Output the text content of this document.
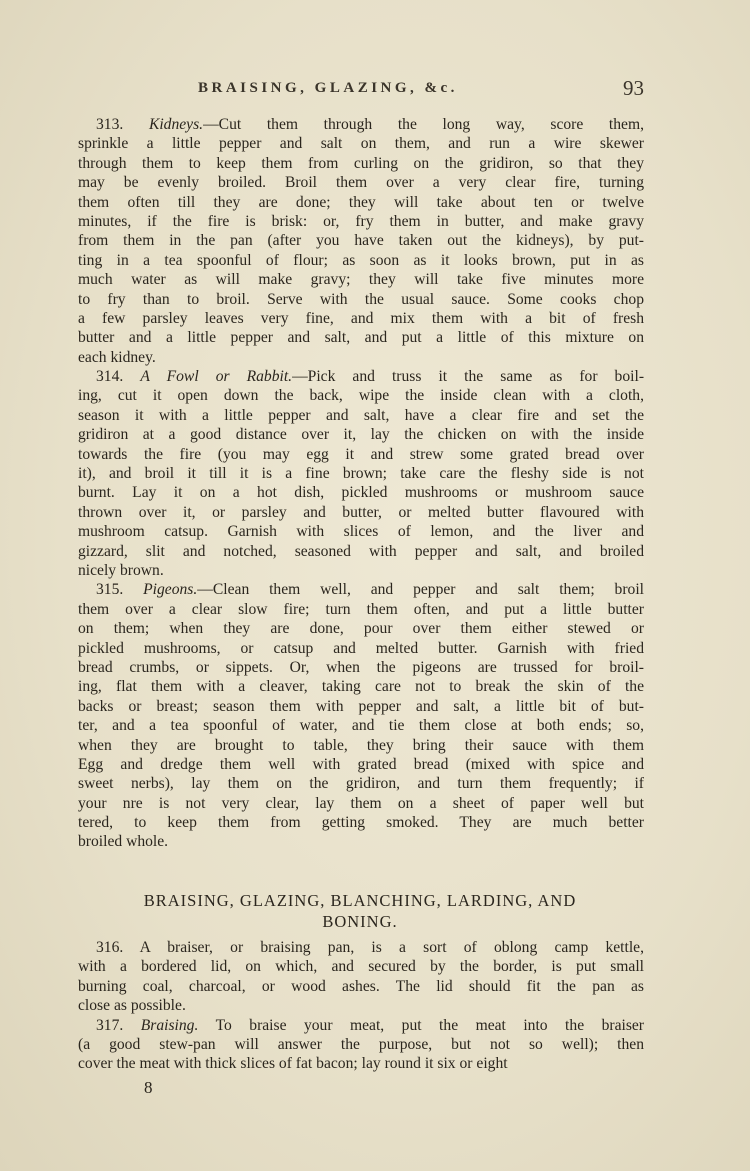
BRAISING, GLAZING, &c.	93
313. Kidneys.—Cut them through the long way, score them,
sprinkle a little pepper and salt on them, and run a wire skewer
through them to keep them from curling on the gridiron, so that they
may be evenly broiled. Broil them over a very clear fire, turning
them often till they are done; they will take about ten or twelve
minutes, if the fire is brisk: or, fry them in butter, and make gravy
from them in the pan (after you have taken out the kidneys), by put-
ting in a tea spoonful of flour; as soon as it looks brown, put in as
much water as will make gravy; they will take five minutes more
to fry than to broil. Serve with the usual sauce. Some cooks chop
a few parsley leaves very fine, and mix them with a bit of fresh
butter and a little pepper and salt, and put a little of this mixture on
each kidney.
314. A Fowl or Rabbit.—Pick and truss it the same as for boil-
ing, cut it open down the back, wipe the inside clean with a cloth,
season it with a little pepper and salt, have a clear fire and set the
gridiron at a good distance over it, lay the chicken on with the inside
towards the fire (you may egg it and strew some grated bread over
it), and broil it till it is a fine brown; take care the fleshy side is not
burnt. Lay it on a hot dish, pickled mushrooms or mushroom sauce
thrown over it, or parsley and butter, or melted butter flavoured with
mushroom catsup. Garnish with slices of lemon, and the liver and
gizzard, slit and notched, seasoned with pepper and salt, and broiled
nicely brown.
315. Pigeons.—Clean them well, and pepper and salt them; broil
them over a clear slow fire; turn them often, and put a little butter
on them; when they are done, pour over them either stewed or
pickled mushrooms, or catsup and melted butter. Garnish with fried
bread crumbs, or sippets. Or, when the pigeons are trussed for broil-
ing, flat them with a cleaver, taking care not to break the skin of the
backs or breast; season them with pepper and salt, a little bit of but-
ter, and a tea spoonful of water, and tie them close at both ends; so,
when they are brought to table, they bring their sauce with them
Egg and dredge them well with grated bread (mixed with spice and
sweet nerbs), lay them on the gridiron, and turn them frequently; if
your nre is not very clear, lay them on a sheet of paper well but
tered, to keep them from getting smoked. They are much better
broiled whole.
BRAISING, GLAZING, BLANCHING, LARDING, AND
BONING.
316. A braiser, or braising pan, is a sort of oblong camp kettle,
with a bordered lid, on which, and secured by the border, is put small
burning coal, charcoal, or wood ashes. The lid should fit the pan as
close as possible.
317. Braising. To braise your meat, put the meat into the braiser
(a good stew-pan will answer the purpose, but not so well); then
cover the meat with thick slices of fat bacon; lay round it six or eight
8
